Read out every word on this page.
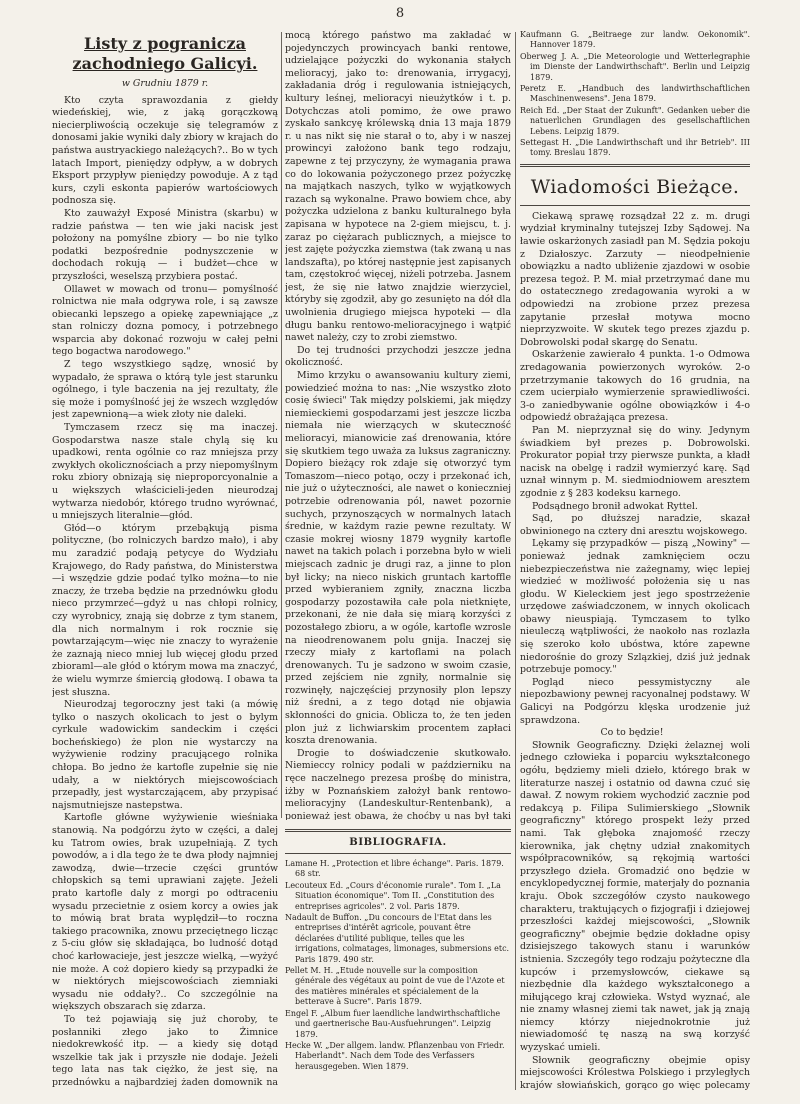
8
Listy z pogranicza zachodniego Galicyi.
w Grudniu 1879 r.

Kto czyta sprawozdania z giełdy wiedeńskiej, wie, z jaką gorączkową niecierpliwością oczekuje się telegramów z donosami jakie wyniki daly zbiory w krajach do państwa austryackiego należących?.. Bo w tych latach Import, pieniędzy odpływ, a w dobrych Eksport przypływ pieniędzy powoduje. A z tąd kurs, czyli eskonta papierów wartościowych podnosza się.

Kto zauważył Exposé Ministra (skarbu) w radzie państwa — ten wie jaki nacisk jest położony na pomyślne zbiory — bo nie tylko podatki bezpośrednie podnyszczenie w dochodach rokują — i budżet—chce w przyszłości, weselszą przybiera postać.

Ollawet w mowach od tronu— pomyślność rolnictwa nie mała odgrywa role, i są zawsze obiecanki lepszego a opiekę zapewniające „z stan rolniczy dozna pomocy, i potrzebnego wsparcia aby dokonać rozwoju w całej pełni tego bogactwa narodowego."

Z tego wszystkiego sądzę, wnosić by wypadało, że sprawa o którą tyle jest starunku ogólnego, i tyle baczenia na jej rezultaty, źle się może i pomyślność jej że wszech względów jest zapewnioną—a wiek złoty nie daleki.

Tymczasem rzecz się ma inaczej. Gospodarstwa nasze stale chylą się ku upadkowi, renta ogólnie co raz mniejsza przy zwykłych okolicznościach a przy niepomyślnym roku zbiory obnizają się nieproporcyonalnie a u większych właścicieli-jeden nieurodzaj wytwarza niedobór, którego trudno wyrównać, u mniejszych literalnie—głód.

Głód—o którym przebąkują pisma polityczne, (bo rolniczych bardzo mało), i aby mu zaradzić podają petycye do Wydziału Krajowego, do Rady państwa, do Ministerstwa—i wszędzie gdzie podać tylko można—to nie znaczy, że trzeba będzie na przednówku głodu nieco przymrzeć—gdyż u nas chłopi rolnicy, czy wyrobnicy, znają się dobrze z tym stanem, dla nich normalnym i rok rocznie się powtarzającym—więc nie znaczy to wyrażenie że zaznają nieco mniej lub więcej głodu przed zbioraml—ale głód o którym mowa ma znaczyć, że wielu wymrze śmiercią głodową. I obawa ta jest słuszna.

Nieurodzaj tegoroczny jest taki (a mówię tylko o naszych okolicach to jest o bylym cyrkule wadowickim sandeckim i części bocheńskiego) że plon nie wystarczy na wyżywienie rodziny pracującego rolnika chłopa. Bo jedno że kartofle zupełnie się nie udały, a w niektórych miejscowościach przepadły, jest wystarczającem, aby przypisać najsmutniejsze nastepstwa.

Kartofle główne wyżywienie wieśniaka stanowią. Na podgórzu żyto w części, a dalej ku Tatrom owies, brak uzupełniają. Z tych powodów, a i dla tego że te dwa płody najmniej zawodzą, dwie—trzecie części gruntów chłopskich są temi uprawiani zajęte. Jeżeli prato kartofle daly z morgi po odtraceniu wysadu przecietnie z osiem korcy a owies jak to mówią brat brata wyplędził—to roczna takiego pracownika, znowu przeciętnego licząc z 5-ciu głów się składająca, bo ludność dotąd choć karłowacieje, jest jeszcze wielką, —wyżyć nie może. A coż dopiero kiedy są przypadki że w niektórych miejscowościach ziemniaki wysadu nie oddały?.. Co szczególnie na większych obszarach się zdarza.

To też pojawiają się już choroby, te posłanniki złego jako to Żimnice niedokrewkość itp. — a kiedy się dotąd wszelkie tak jak i przyszłe nie dodaje. Jeżeli tego lata nas tak ciężko, że jest się, na przednówku a najbardziej żaden domownik na

mocą którego państwo ma zakładać w pojedynczych prowincyach banki rentowe, udzielające pożyczki do wykonania stałych melioracyj, jako to: drenowania, irrygacyj, zakładania dróg i regulowania istniejących, kultury leśnej, melioracyi nieużytków i t. p. Dotychczas atoli pomimo, że owe prawo zyskało sankcyę królewską dnia 13 maja 1879 r. u nas nikt się nie starał o to, aby i w naszej prowincyi założono bank tego rodzaju, zapewne z tej przyczyny, że wymagania prawa co do lokowania pożyczonego przez pożyczkę na majątkach naszych, tylko w wyjątkowych razach są wykonalne. Prawo bowiem chce, aby pożyczka udzielona z banku kulturalnego była zapisana w hypotece na 2-giem miejscu, t. j. zaraz po ciężarach publicznych, a miejsce to jest zajęte pożyczka ziemstwa (tak zwaną u nas landszafta), po której następnie jest zapisanych tam, częstokroć więcej, niżeli potrzeba. Jasnem jest, że się nie łatwo znajdzie wierzyciel, któryby się zgodził, aby go zesunięto na dół dla uwolnienia drugiego miejsca hypoteki — dla długu banku rentowo-melioracyjnego i wątpić nawet należy, czy to zrobi ziemstwo.

Do tej trudności przychodzi jeszcze jedna okoliczność.

Mimo krzyku o awansowaniu kultury ziemi, powiedzieć można to nas: „Nie wszystko złoto cosię świeci" Tak między polskiemi, jak między niemieckiemi gospodarzami jest jeszcze liczba niemała nie wierzących w skuteczność melioracyi, mianowicie zaś drenowania, które się skutkiem tego uważa za luksus zagraniczny. Dopiero bieżący rok zdaje się otworzyć tym Tomaszom—nieco potąo, oczy i przekonać ich, nie już o użyteczności, ale nawet o konieczniej potrzebie odrenowania pól, nawet pozornie suchych, przynoszących w normalnych latach średnie, w każdym razie pewne rezultaty. W czasie mokrej wiosny 1879 wygniły kartofle nawet na takich polach i porzebna było w wieli miejscach zadnic je drugi raz, a jinne to plon był licky; na nieco niskich gruntach kartoffle przed wybieraniem zgniły, znaczna liczba gospodarzy pozostawiła całe pola nietknięte, przekonani, że nie dała się miarą korzyści z pozostałego zbioru, a w ogóle, kartofle wzrosle na nieodrenowanem polu gnija. Inaczej się rzeczy miały z kartoflami na polach drenowanych. Tu je sadzono w swoim czasie, przed zejściem nie zgniły, normalnie się rozwinęły, najczęściej przynosiły plon lepszy niż średni, a z tego dotąd nie objawia skłonności do gnicia. Oblicza to, że ten jeden plon już z lichwiarskim procentem zapłaci koszta drenowania.

Drogie to doświadczenie skutkowało. Niemieccy rolnicy podali w październiku na ręce naczelnego prezesa prośbę do ministra, iżby w Poznańskiem założył bank rentowo-melioracyjny (Landeskultur-Rentenbank), a ponieważ jest obawa, że choćby u nas był taki

BIBLIOGRAFIA.

Lamane H. „Protection et libre échange". Paris. 1879. 68 str.

Lecouteux Ed. „Cours d'économie rurale". Tom I. „La Situation économique". Tom II. „Constitution des entreprises agricoles". 2 vol. Paris 1879.

Nadault de Buffon. „Du concours de l'Etat dans les entreprises d'intérêt agricole, pouvant être déclarées d'utilité publique, telles que les irrigations, colmatages, limonages, submersions etc. Paris 1879. 490 str.

Pellet M. H. „Etude nouvelle sur la composition générale des végétaux au point de vue de l'Azote et des matières minérales et spécialement de la betterave à Sucre". Paris 1879.

Engel F. „Album fuer laendliche landwirthschaftliche und gaertnerische Bau-Ausfuehrungen". Leipzig 1879.

Hecke W. „Der allgem. landw. Pflanzenbau von Friedr. Haberlandt". Nach dem Tode des Verfassers herausgegeben. Wien 1879.

Kaufmann G. „Beitraege zur landw. Oekonomik". Hannover 1879.

Oberweg J. A. „Die Meteorologie und Wetterlegraphie im Dienste der Landwirthschaft". Berlin und Leipzig 1879.

Peretz E. „Handbuch des landwirthschaftlichen Maschinenwesens". Jena 1879.

Reich Ed. „Der Staat der Zukunft". Gedanken ueber die natuerlichen Grundlagen des gesellschaftlichen Lebens. Leipzig 1879.

Settegast H. „Die Landwirthschaft und ihr Betrieb". III tomy. Breslau 1879.

Wiadomości Bieżące.

Ciekawą sprawę rozsądzał 22 z. m. drugi wydział kryminalny tutejszej Izby Sądowej. Na ławie oskarżonych zasiadł pan M. Sędzia pokoju z Działoszyc. Zarzuty — nieodpełnienie obowiązku a nadto ubliżenie zjazdowi w osobie prezesa tegoż. P. M. miał przetrzymać dane mu do ostatecznego zredagowania wyroki a w odpowiedzi na zrobione przez prezesa zapytanie przesłał motywa mocno nieprzyzwoite. W skutek tego prezes zjazdu p. Dobrowolski podał skargę do Senatu.

Oskarżenie zawierało 4 punkta. 1-o Odmowa zredagowania powierzonych wyroków. 2-o przetrzymanie takowych do 16 grudnia, na czem ucierpiało wymierzenie sprawiedliwości. 3-o zaniedbywanie ogólne obowiązków i 4-o odpowiedź obrażająca prezesa.

Pan M. nieprzyznał się do winy. Jedynym świadkiem był prezes p. Dobrowolski. Prokurator popiał trzy pierwsze punkta, a kładł nacisk na obelgę i radził wymierzyć karę. Sąd uznał winnym p. M. siedmiodniowem aresztem zgodnie z § 283 kodeksu karnego.

Podsądnego bronił adwokat Ryttel.

Sąd, po dłuższej naradzie, skazał obwinionego na cztery dni aresztu wojskowego.

Lękamy się przypadków — piszą „Nowiny" — ponieważ jednak zamknięciem oczu niebezpieczeństwa nie zażegnamy, więc lepiej wiedzieć w możliwość położenia się u nas głodu. W Kieleckiem jest jego spostrzeżenie urzędowe zaświadczonem, w innych okolicach obawy nieuspiają. Tymczasem to tylko nieuleczą wątpliwości, że naokoło nas rozlazła się szeroko koło ubóstwa, które zapewne niedorośnie do grozy Szlązkiej, dziś już jednak potrzebuje pomocy."

Pogląd nieco pessymistyczny ale niepozbawiony pewnej racyonalnej podstawy. W Galicyi na Podgórzu klęska urodzenie już sprawdzona.

Co to będzie!

Słownik Geograficzny. Dzięki żelaznej woli jednego człowieka i poparciu wykształconego ogółu, będziemy mieli dzieło, którego brak w literaturze naszej i ostatnio od dawna czuć się dawał. Z nowym rokiem wychodzić zacznie pod redakcyą p. Filipa Sulimierskiego „Słownik geograficzny" którego prospekt leży przed nami. Tak głęboka znajomość rzeczy kierownika, jak chętny udział znakomitych współpracowników, są rękojmią wartości przyszłego dzieła. Gromadzić ono będzie w encyklopedycznej formie, materjały do poznania kraju. Obok szczegółów czysto naukowego charakteru, traktujących o fizjografji i dziejowej przeszłości każdej miejscowości, „Słownik geograficzny" obejmie będzie dokładne opisy dzisiejszego takowych stanu i warunków istnienia. Szczegóły tego rodzaju pożyteczne dla kupców i przemysłowców, ciekawe są niezbędnie dla każdego wykształconego a miłującego kraj człowieka. Wstyd wyznać, ale nie znamy własnej ziemi tak nawet, jak ją znają niemcy którzy niejednokrotnie już niewiadomość tę naszą na swą korzyść wyzyskać umieli.

Słownik geograficzny obejmie opisy miejscowości Królestwa Polskiego i przyległych krajów słowiańskich, gorąco go więc polecamy
